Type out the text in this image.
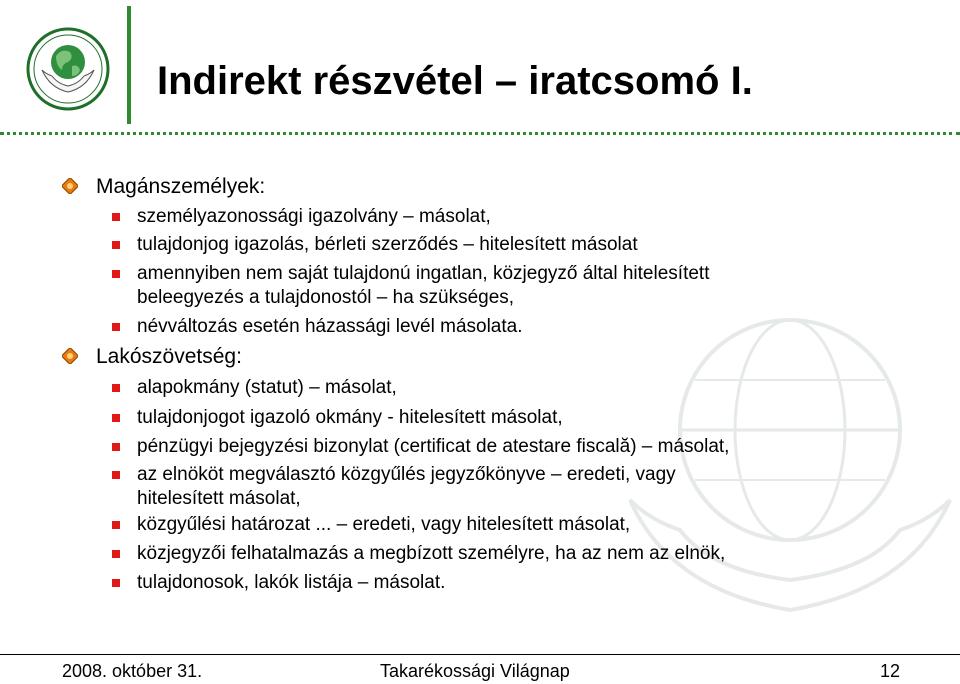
Indirekt részvétel – iratcsomó I.
Magánszemélyek:
személyazonossági igazolvány – másolat,
tulajdonjog igazolás, bérleti szerződés – hitelesített másolat
amennyiben nem saját tulajdonú ingatlan, közjegyző által hitelesített
beleegyezés a tulajdonostól – ha szükséges,
névváltozás esetén házassági levél másolata.
Lakószövetség:
alapokmány (statut) – másolat,
tulajdonjogot igazoló okmány - hitelesített másolat,
pénzügyi bejegyzési bizonylat (certificat de atestare fiscală) – másolat,
az elnököt megválasztó közgyűlés jegyzőkönyve – eredeti, vagy
hitelesített másolat,
közgyűlési határozat ... – eredeti, vagy hitelesített másolat,
közjegyzői felhatalmazás a megbízott személyre, ha az nem az elnök,
tulajdonosok, lakók listája – másolat.
2008. október 31.	Takarékossági Világnap	12
